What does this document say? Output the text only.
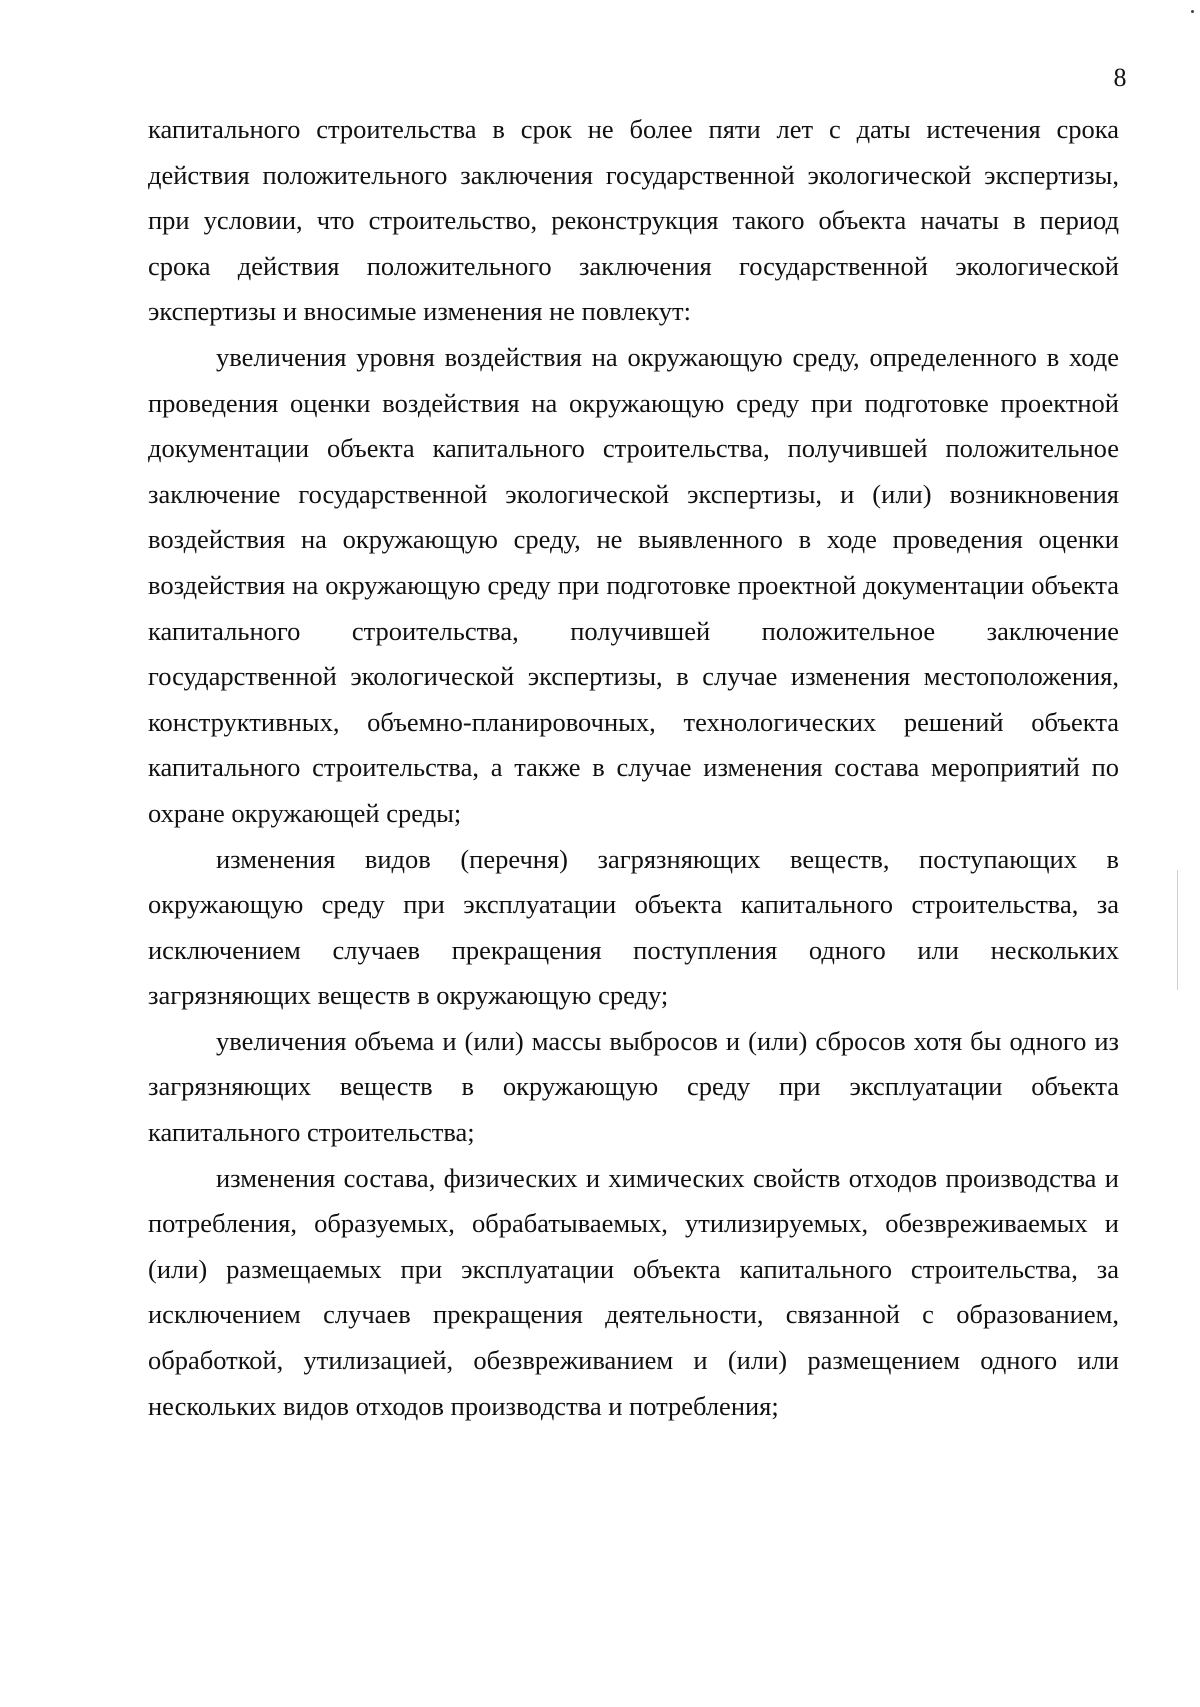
8

капитального строительства в срок не более пяти лет с даты истечения срока действия положительного заключения государственной экологической экспертизы, при условии, что строительство, реконструкция такого объекта начаты в период срока действия положительного заключения государственной экологической экспертизы и вносимые изменения не повлекут:

увеличения уровня воздействия на окружающую среду, определенного в ходе проведения оценки воздействия на окружающую среду при подготовке проектной документации объекта капитального строительства, получившей положительное заключение государственной экологической экспертизы, и (или) возникновения воздействия на окружающую среду, не выявленного в ходе проведения оценки воздействия на окружающую среду при подготовке проектной документации объекта капитального строительства, получившей положительное заключение государственной экологической экспертизы, в случае изменения местоположения, конструктивных, объемно-планировочных, технологических решений объекта капитального строительства, а также в случае изменения состава мероприятий по охране окружающей среды;

изменения видов (перечня) загрязняющих веществ, поступающих в окружающую среду при эксплуатации объекта капитального строительства, за исключением случаев прекращения поступления одного или нескольких загрязняющих веществ в окружающую среду;

увеличения объема и (или) массы выбросов и (или) сбросов хотя бы одного из загрязняющих веществ в окружающую среду при эксплуатации объекта капитального строительства;

изменения состава, физических и химических свойств отходов производства и потребления, образуемых, обрабатываемых, утилизируемых, обезвреживаемых и (или) размещаемых при эксплуатации объекта капитального строительства, за исключением случаев прекращения деятельности, связанной с образованием, обработкой, утилизацией, обезвреживанием и (или) размещением одного или нескольких видов отходов производства и потребления;
